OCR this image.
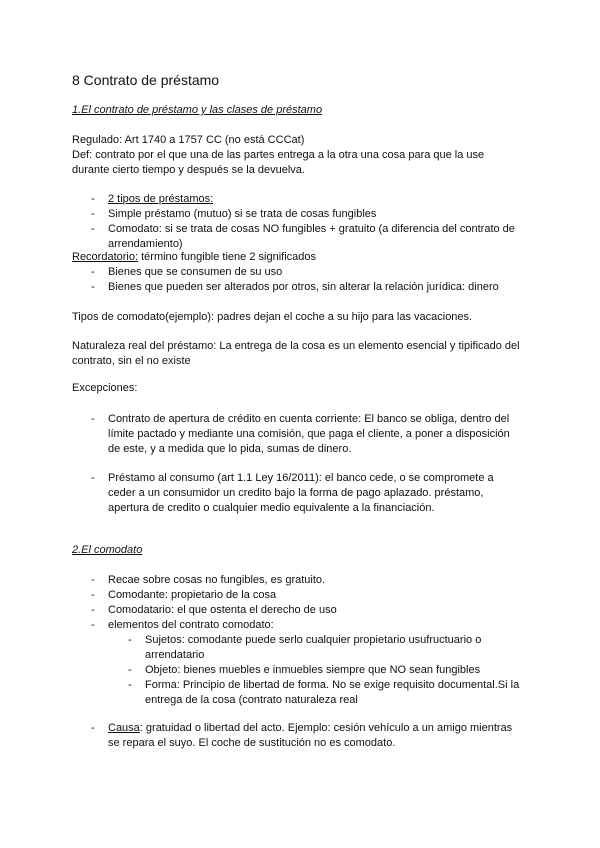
8 Contrato de préstamo
1.El contrato de préstamo y las clases de préstamo
Regulado: Art 1740 a 1757 CC (no está CCCat)
Def: contrato por el que una de las partes entrega a la otra una cosa para que la use
durante cierto tiempo y después se la devuelva.
- 2 tipos de préstamos:
- Simple préstamo (mutuo) si se trata de cosas fungibles
- Comodato: si se trata de cosas NO fungibles + gratuito (a diferencia del contrato de
arrendamiento)
Recordatorio: término fungible tiene 2 significados
- Bienes que se consumen de su uso
- Bienes que pueden ser alterados por otros, sin alterar la relación jurídica: dinero
Tipos de comodato(ejemplo): padres dejan el coche a su hijo para las vacaciones.
Naturaleza real del préstamo: La entrega de la cosa es un elemento esencial y tipificado del
contrato, sin el no existe
Excepciones:
- Contrato de apertura de crédito en cuenta corriente: El banco se obliga, dentro del
límite pactado y mediante una comisión, que paga el cliente, a poner a disposición
de este, y a medida que lo pida, sumas de dinero.
- Préstamo al consumo (art 1.1 Ley 16/2011): el banco cede, o se compromete a
ceder a un consumidor un credito bajo la forma de pago aplazado. préstamo,
apertura de credito o cualquier medio equivalente a la financiación.
2.El comodato
- Recae sobre cosas no fungibles, es gratuito.
- Comodante: propietario de la cosa
- Comodatario: el que ostenta el derecho de uso
- elementos del contrato comodato:
- Sujetos: comodante puede serlo cualquier propietario usufructuario o
arrendatario
- Objeto: bienes muebles e inmuebles siempre que NO sean fungibles
- Forma: Principio de libertad de forma. No se exige requisito documental.Si la
entrega de la cosa (contrato naturaleza real
- Causa: gratuidad o libertad del acto. Ejemplo: cesión vehículo a un amigo mientras
se repara el suyo. El coche de sustitución no es comodato.
